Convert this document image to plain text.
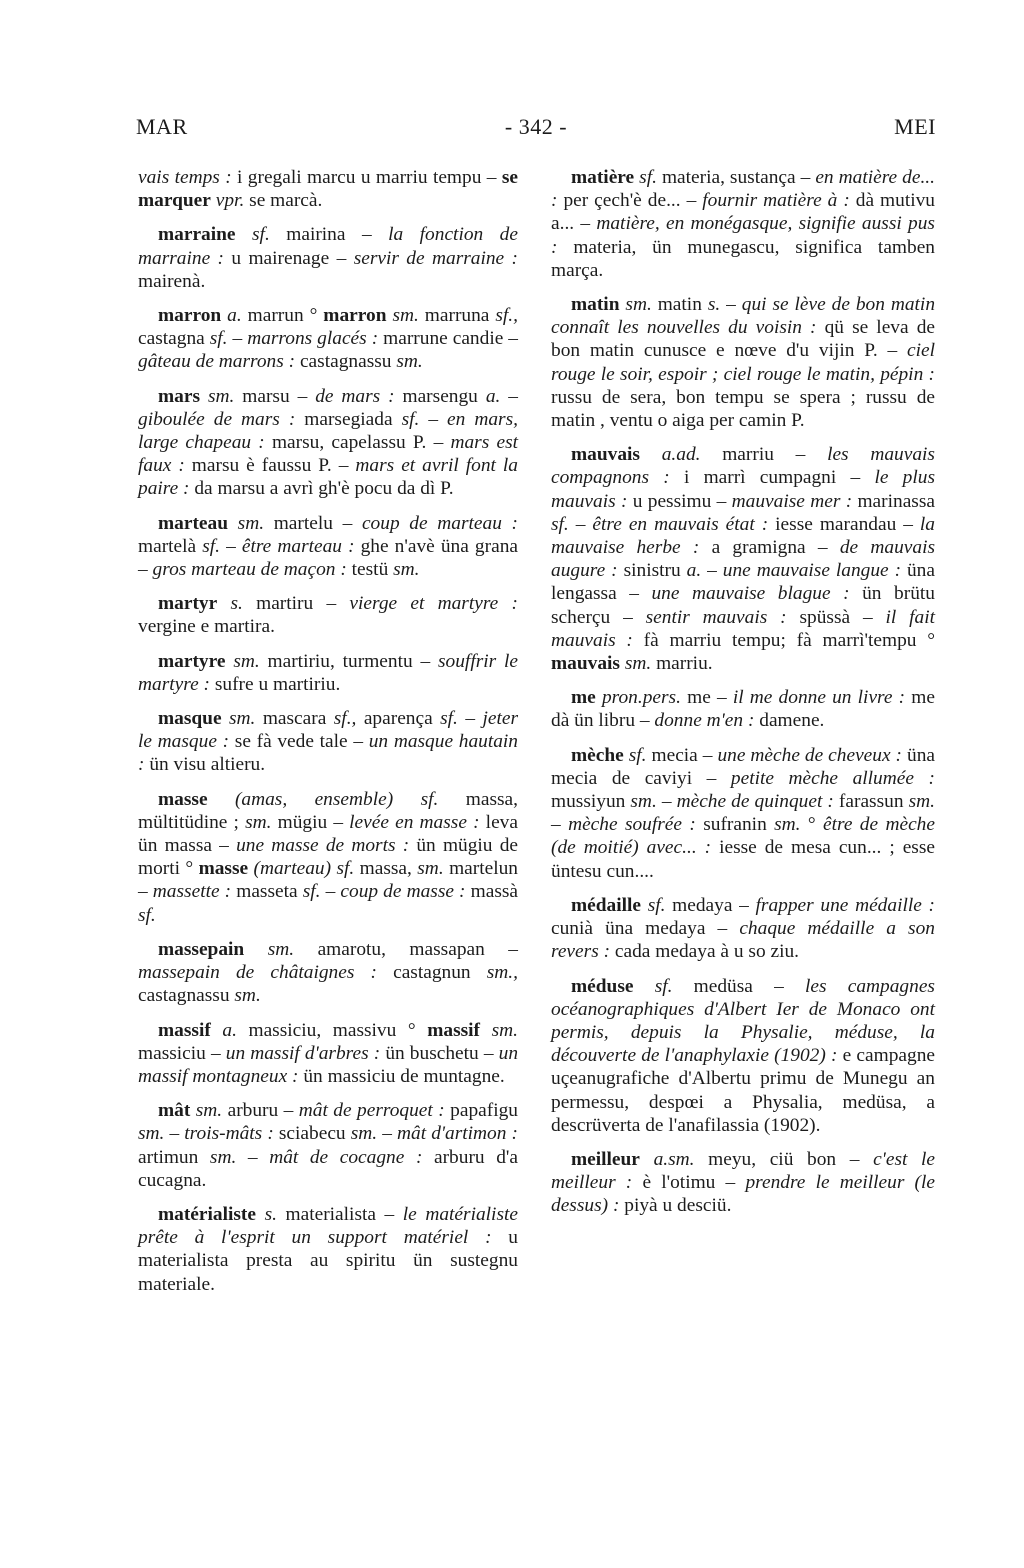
MAR	- 342 -	MEI

vais temps : i gregali marcu u marriu tempu – se marquer vpr. se marcà.

marraine sf. mairina – la fonction de marraine : u mairenage – servir de marraine : mairenà.

marron a. marrun ° marron sm. marruna sf., castagna sf. – marrons glacés : marrune candie – gâteau de marrons : castagnassu sm.

mars sm. marsu – de mars : marsengu a. – giboulée de mars : marsegiada sf. – en mars, large chapeau : marsu, capelassu P. – mars est faux : marsu è faussu P. – mars et avril font la paire : da marsu a avrì gh'è pocu da dì P.

marteau sm. martelu – coup de marteau : martelà sf. – être marteau : ghe n'avè üna grana – gros marteau de maçon : testü sm.

martyr s. martiru – vierge et martyre : vergine e martira.

martyre sm. martiriu, turmentu – souffrir le martyre : sufre u martiriu.

masque sm. mascara sf., aparença sf. – jeter le masque : se fà vede tale – un masque hautain : ün visu altieru.

masse (amas, ensemble) sf. massa, mültitüdine ; sm. mügiu – levée en masse : leva ün massa – une masse de morts : ün mügiu de morti ° masse (marteau) sf. massa, sm. martelun – massette : masseta sf. – coup de masse : massà sf.

massepain sm. amarotu, massapan – massepain de châtaignes : castagnun sm., castagnassu sm.

massif a. massiciu, massivu ° massif sm. massiciu – un massif d'arbres : ün buschetu – un massif montagneux : ün massiciu de muntagne.

mât sm. arburu – mât de perroquet : papafigu sm. – trois-mâts : sciabecu sm. – mât d'artimon : artimun sm. – mât de cocagne : arburu d'a cucagna.

matérialiste s. materialista – le matérialiste prête à l'esprit un support matériel : u materialista presta au spiritu ün sustegnu materiale.

matière sf. materia, sustança – en matière de... : per çech'è de... – fournir matière à : dà mutivu a... – matière, en monégasque, signifie aussi pus : materia, ün munegascu, significa tamben marça.

matin sm. matin s. – qui se lève de bon matin connaît les nouvelles du voisin : qü se leva de bon matin cunusce e nœve d'u vijin P. – ciel rouge le soir, espoir ; ciel rouge le matin, pépin : russu de sera, bon tempu se spera ; russu de matin , ventu o aiga per camin P.

mauvais a.ad. marriu – les mauvais compagnons : i marrì cumpagni – le plus mauvais : u pessimu – mauvaise mer : marinassa sf. – être en mauvais état : iesse marandau – la mauvaise herbe : a gramigna – de mauvais augure : sinistru a. – une mauvaise langue : üna lengassa – une mauvaise blague : ün brütu scherçu – sentir mauvais : spüssà – il fait mauvais : fà marriu tempu; fà marrì'tempu ° mauvais sm. marriu.

me pron.pers. me – il me donne un livre : me dà ün libru – donne m'en : damene.

mèche sf. mecia – une mèche de cheveux : üna mecia de caviyi – petite mèche allumée : mussiyun sm. – mèche de quinquet : farassun sm. – mèche soufrée : sufranin sm. ° être de mèche (de moitié) avec... : iesse de mesa cun... ; esse üntesu cun....

médaille sf. medaya – frapper une médaille : cunià üna medaya – chaque médaille a son revers : cada medaya à u so ziu.

méduse sf. medüsa – les campagnes océanographiques d'Albert Ier de Monaco ont permis, depuis la Physalie, méduse, la découverte de l'anaphylaxie (1902) : e campagne uçeanugrafiche d'Albertu primu de Munegu an permessu, despœi a Physalia, medüsa, a descrüverta de l'anafilassia (1902).

meilleur a.sm. meyu, ciü bon – c'est le meilleur : è l'otimu – prendre le meilleur (le dessus) : piyà u desciü.
